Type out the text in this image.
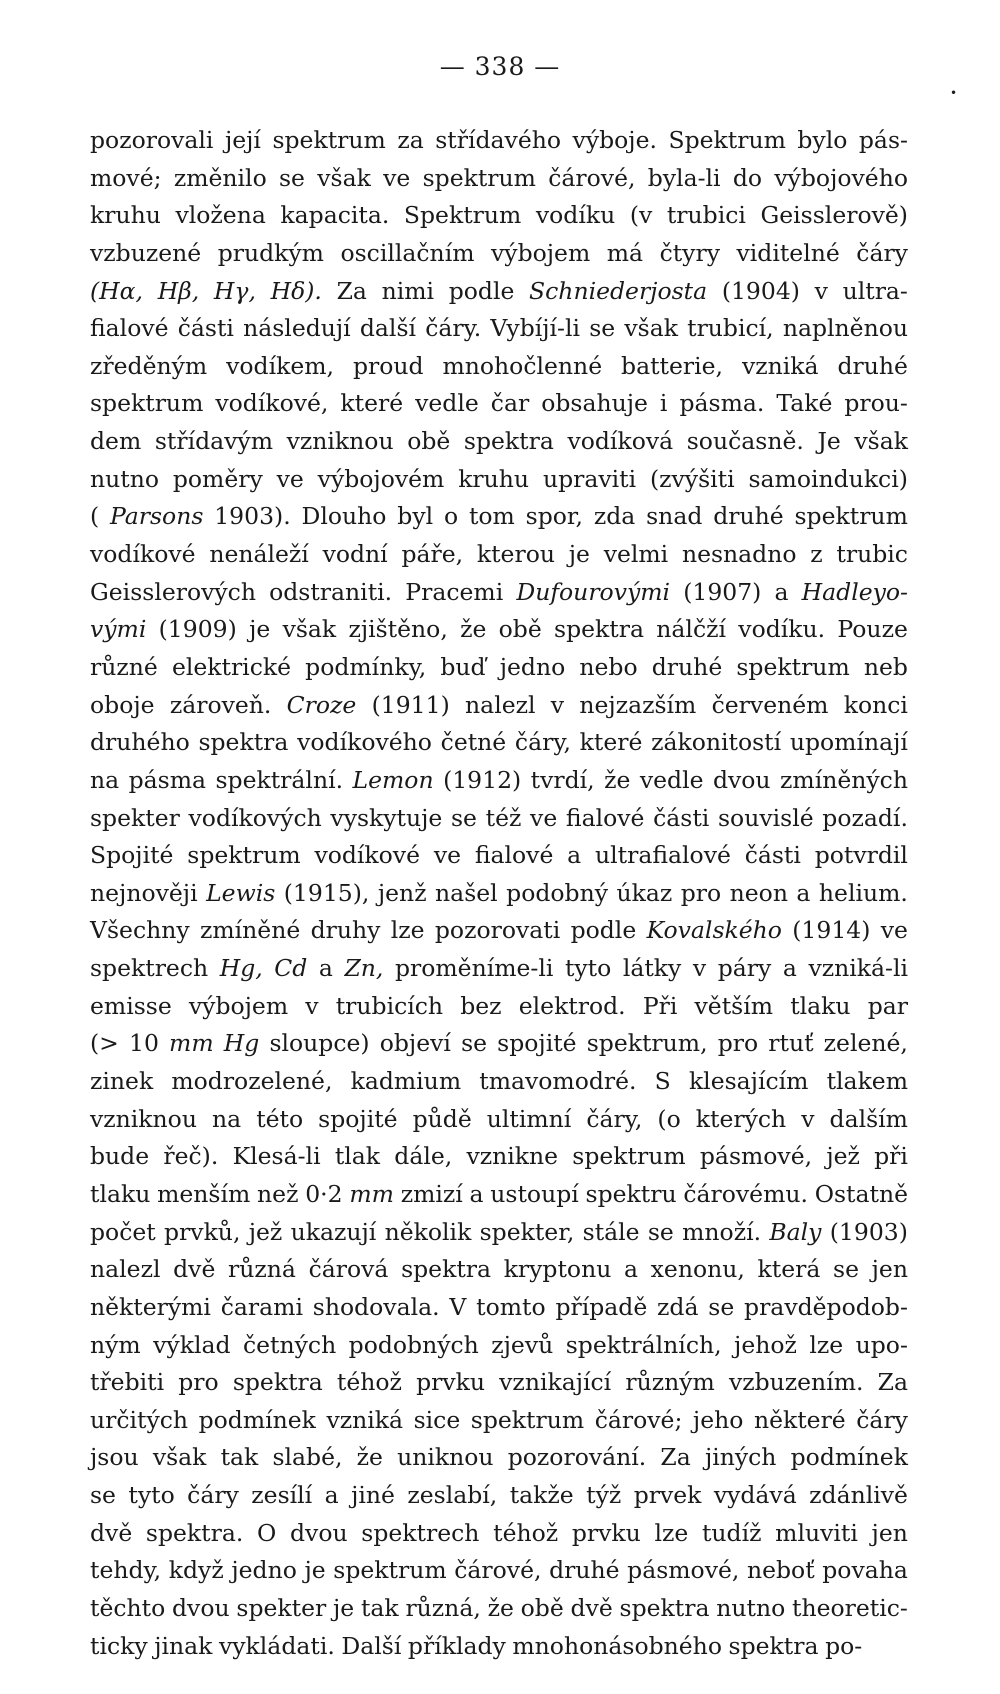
— 338 —
•
pozorovali její spektrum za střídavého výboje. Spektrum bylo pás-
mové; změnilo se však ve spektrum čárové, byla-li do výbojového
kruhu vložena kapacita. Spektrum vodíku (v trubici Geisslerově)
vzbuzené prudkým oscillačním výbojem má čtyry viditelné čáry
(Hα, Hβ, Hγ, Hδ). Za nimi podle Schniederjosta (1904) v ultra-
fialové části následují další čáry. Vybíjí-li se však trubicí, naplněnou
zředěným vodíkem, proud mnohočlenné batterie, vzniká druhé
spektrum vodíkové, které vedle čar obsahuje i pásma. Také prou-
dem střídavým vzniknou obě spektra vodíková současně. Je však
nutno poměry ve výbojovém kruhu upraviti (zvýšiti samoindukci)
( Parsons 1903). Dlouho byl o tom spor, zda snad druhé spektrum
vodíkové nenáleží vodní páře, kterou je velmi nesnadno z trubic
Geisslerových odstraniti. Pracemi Dufourovými (1907) a Hadleyo-
vými (1909) je však zjištěno, že obě spektra nálčží vodíku. Pouze
různé elektrické podmínky, buď jedno nebo druhé spektrum neb
oboje zároveň. Croze (1911) nalezl v nejzazším červeném konci
druhého spektra vodíkového četné čáry, které zákonitostí upomínají
na pásma spektrální. Lemon (1912) tvrdí, že vedle dvou zmíněných
spekter vodíkových vyskytuje se též ve fialové části souvislé pozadí.
Spojité spektrum vodíkové ve fialové a ultrafialové části potvrdil
nejnověji Lewis (1915), jenž našel podobný úkaz pro neon a helium.
Všechny zmíněné druhy lze pozorovati podle Kovalského (1914) ve
spektrech Hg, Cd a Zn, proměníme-li tyto látky v páry a vzniká-li
emisse výbojem v trubicích bez elektrod. Při větším tlaku par
(> 10 mm Hg sloupce) objeví se spojité spektrum, pro rtuť zelené,
zinek modrozelené, kadmium tmavomodré. S klesajícím tlakem
vzniknou na této spojité půdě ultimní čáry, (o kterých v dalším
bude řeč). Klesá-li tlak dále, vznikne spektrum pásmové, jež při
tlaku menším než 0·2 mm zmizí a ustoupí spektru čárovému. Ostatně
počet prvků, jež ukazují několik spekter, stále se množí. Baly (1903)
nalezl dvě různá čárová spektra kryptonu a xenonu, která se jen
některými čarami shodovala. V tomto případě zdá se pravděpodob-
ným výklad četných podobných zjevů spektrálních, jehož lze upo-
třebiti pro spektra téhož prvku vznikající různým vzbuzením. Za
určitých podmínek vzniká sice spektrum čárové; jeho některé čáry
jsou však tak slabé, že uniknou pozorování. Za jiných podmínek
se tyto čáry zesílí a jiné zeslabí, takže týž prvek vydává zdánlivě
dvě spektra. O dvou spektrech téhož prvku lze tudíž mluviti jen
tehdy, když jedno je spektrum čárové, druhé pásmové, neboť povaha
těchto dvou spekter je tak různá, že obě dvě spektra nutno theoretic-
ticky jinak vykládati. Další příklady mnohonásobného spektra po-
